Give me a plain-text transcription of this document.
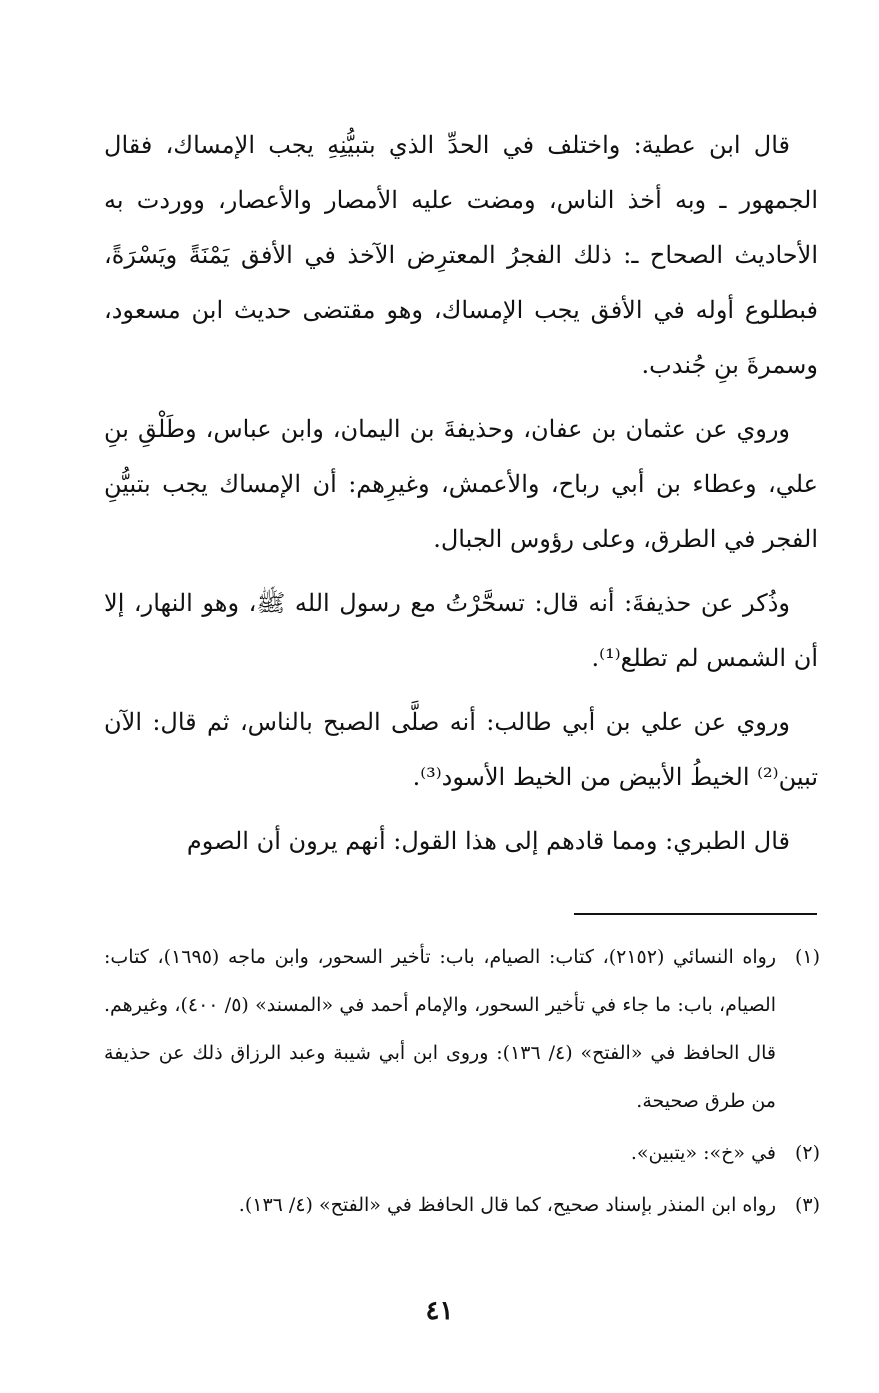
قال ابن عطية: واختلف في الحدِّ الذي بتبيُّنِهِ يجب الإمساك، فقال الجمهور ـ وبه أخذ الناس، ومضت عليه الأمصار والأعصار، ووردت به الأحاديث الصحاح ـ: ذلك الفجرُ المعترِض الآخذ في الأفق يَمْنَةً ويَسْرَةً، فبطلوع أوله في الأفق يجب الإمساك، وهو مقتضى حديث ابن مسعود، وسمرةَ بنِ جُندب.

وروي عن عثمان بن عفان، وحذيفةَ بن اليمان، وابن عباس، وطَلْقِ بنِ علي، وعطاء بن أبي رباح، والأعمش، وغيرِهم: أن الإمساك يجب بتبيُّنِ الفجر في الطرق، وعلى رؤوس الجبال.

وذُكر عن حذيفةَ: أنه قال: تسحَّرْتُ مع رسول الله ﷺ، وهو النهار، إلا أن الشمس لم تطلع⁽¹⁾.

وروي عن علي بن أبي طالب: أنه صلَّى الصبح بالناس، ثم قال: الآن تبين⁽²⁾ الخيطُ الأبيض من الخيط الأسود⁽³⁾.

قال الطبري: ومما قادهم إلى هذا القول: أنهم يرون أن الصوم

(١)
رواه النسائي (٢١٥٢)، كتاب: الصيام، باب: تأخير السحور، وابن ماجه (١٦٩٥)، كتاب: الصيام، باب: ما جاء في تأخير السحور، والإمام أحمد في «المسند» (٥/ ٤٠٠)، وغيرهم. قال الحافظ في «الفتح» (٤/ ١٣٦): وروى ابن أبي شيبة وعبد الرزاق ذلك عن حذيفة من طرق صحيحة.
(٢)
في «خ»: «يتبين».
(٣)
رواه ابن المنذر بإسناد صحيح، كما قال الحافظ في «الفتح» (٤/ ١٣٦).
٤١
